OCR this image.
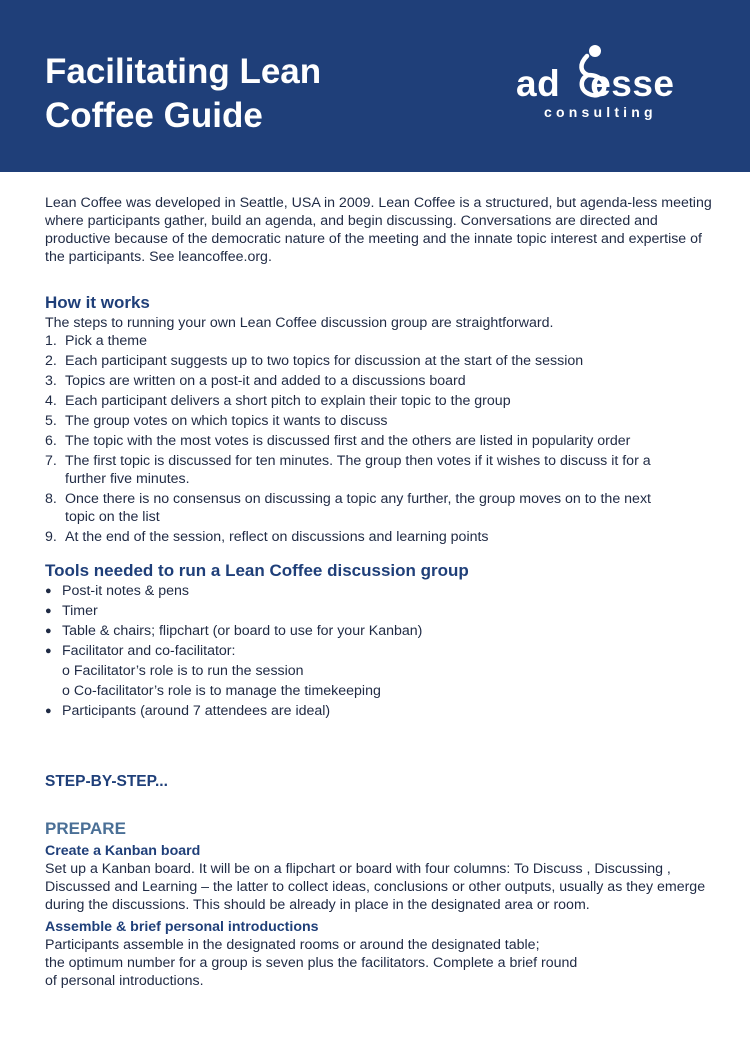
Facilitating Lean
Coffee Guide
ad esse
consulting

Lean Coffee was developed in Seattle, USA in 2009. Lean Coffee is a structured, but agenda-less meeting where participants gather, build an agenda, and begin discussing. Conversations are directed and productive because of the democratic nature of the meeting and the innate topic interest and expertise of the participants. See leancoffee.org.

How it works

The steps to running your own Lean Coffee discussion group are straightforward.

1. Pick a theme
2. Each participant suggests up to two topics for discussion at the start of the session
3. Topics are written on a post-it and added to a discussions board
4. Each participant delivers a short pitch to explain their topic to the group
5. The group votes on which topics it wants to discuss
6. The topic with the most votes is discussed first and the others are listed in popularity order
7. The first topic is discussed for ten minutes. The group then votes if it wishes to discuss it for a further five minutes.
8. Once there is no consensus on discussing a topic any further, the group moves on to the next topic on the list
9. At the end of the session, reflect on discussions and learning points
Tools needed to run a Lean Coffee discussion group
● Post-it notes & pens
● Timer
● Table & chairs; flipchart (or board to use for your Kanban)
● Facilitator and co-facilitator:
o Facilitator’s role is to run the session
o Co-facilitator’s role is to manage the timekeeping
● Participants (around 7 attendees are ideal)
STEP-BY-STEP...
PREPARE
Create a Kanban board

Set up a Kanban board. It will be on a flipchart or board with four columns: To Discuss , Discussing , Discussed and Learning – the latter to collect ideas, conclusions or other outputs, usually as they emerge during the discussions. This should be already in place in the designated area or room.

Assemble & brief personal introductions

Participants assemble in the designated rooms or around the designated table;

the optimum number for a group is seven plus the facilitators. Complete a brief round

of personal introductions.
